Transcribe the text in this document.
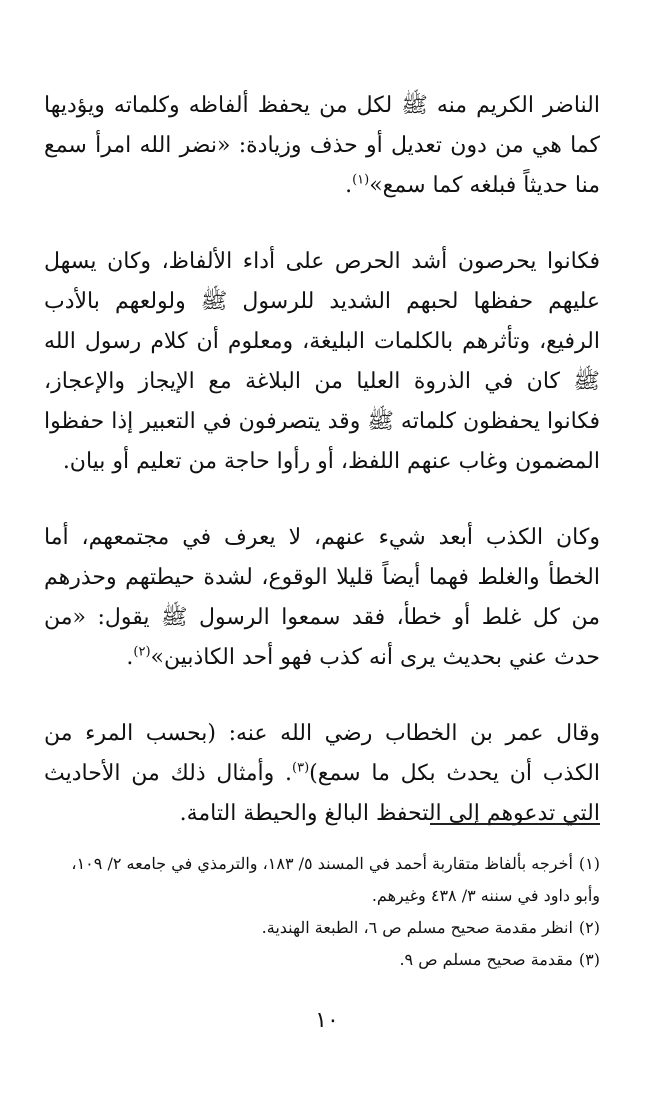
الناضر الكريم منه ﷺ لكل من يحفظ ألفاظه وكلماته ويؤديها كما هي من دون تعديل أو حذف وزيادة: «نضر الله امرأ سمع منا حديثاً فبلغه كما سمع»$^{(١)}$.

فكانوا يحرصون أشد الحرص على أداء الألفاظ، وكان يسهل عليهم حفظها لحبهم الشديد للرسول ﷺ ولولعهم بالأدب الرفيع، وتأثرهم بالكلمات البليغة، ومعلوم أن كلام رسول الله ﷺ كان في الذروة العليا من البلاغة مع الإيجاز والإعجاز، فكانوا يحفظون كلماته ﷺ وقد يتصرفون في التعبير إذا حفظوا المضمون وغاب عنهم اللفظ، أو رأوا حاجة من تعليم أو بيان.

وكان الكذب أبعد شيء عنهم، لا يعرف في مجتمعهم، أما الخطأ والغلط فهما أيضاً قليلا الوقوع، لشدة حيطتهم وحذرهم من كل غلط أو خطأ، فقد سمعوا الرسول ﷺ يقول: «من حدث عني بحديث يرى أنه كذب فهو أحد الكاذبين»$^{(٢)}$.

وقال عمر بن الخطاب رضي الله عنه: (بحسب المرء من الكذب أن يحدث بكل ما سمع)$^{(٣)}$. وأمثال ذلك من الأحاديث التي تدعوهم إلى التحفظ البالغ والحيطة التامة.

(١)أخرجه بألفاظ متقاربة أحمد في المسند ٥/ ١٨٣، والترمذي في جامعه ٢/ ١٠٩، وأبو داود في سننه ٣/ ٤٣٨ وغيرهم.

(٢)انظر مقدمة صحيح مسلم ص ٦، الطبعة الهندية.

(٣)مقدمة صحيح مسلم ص ٩.

١٠
